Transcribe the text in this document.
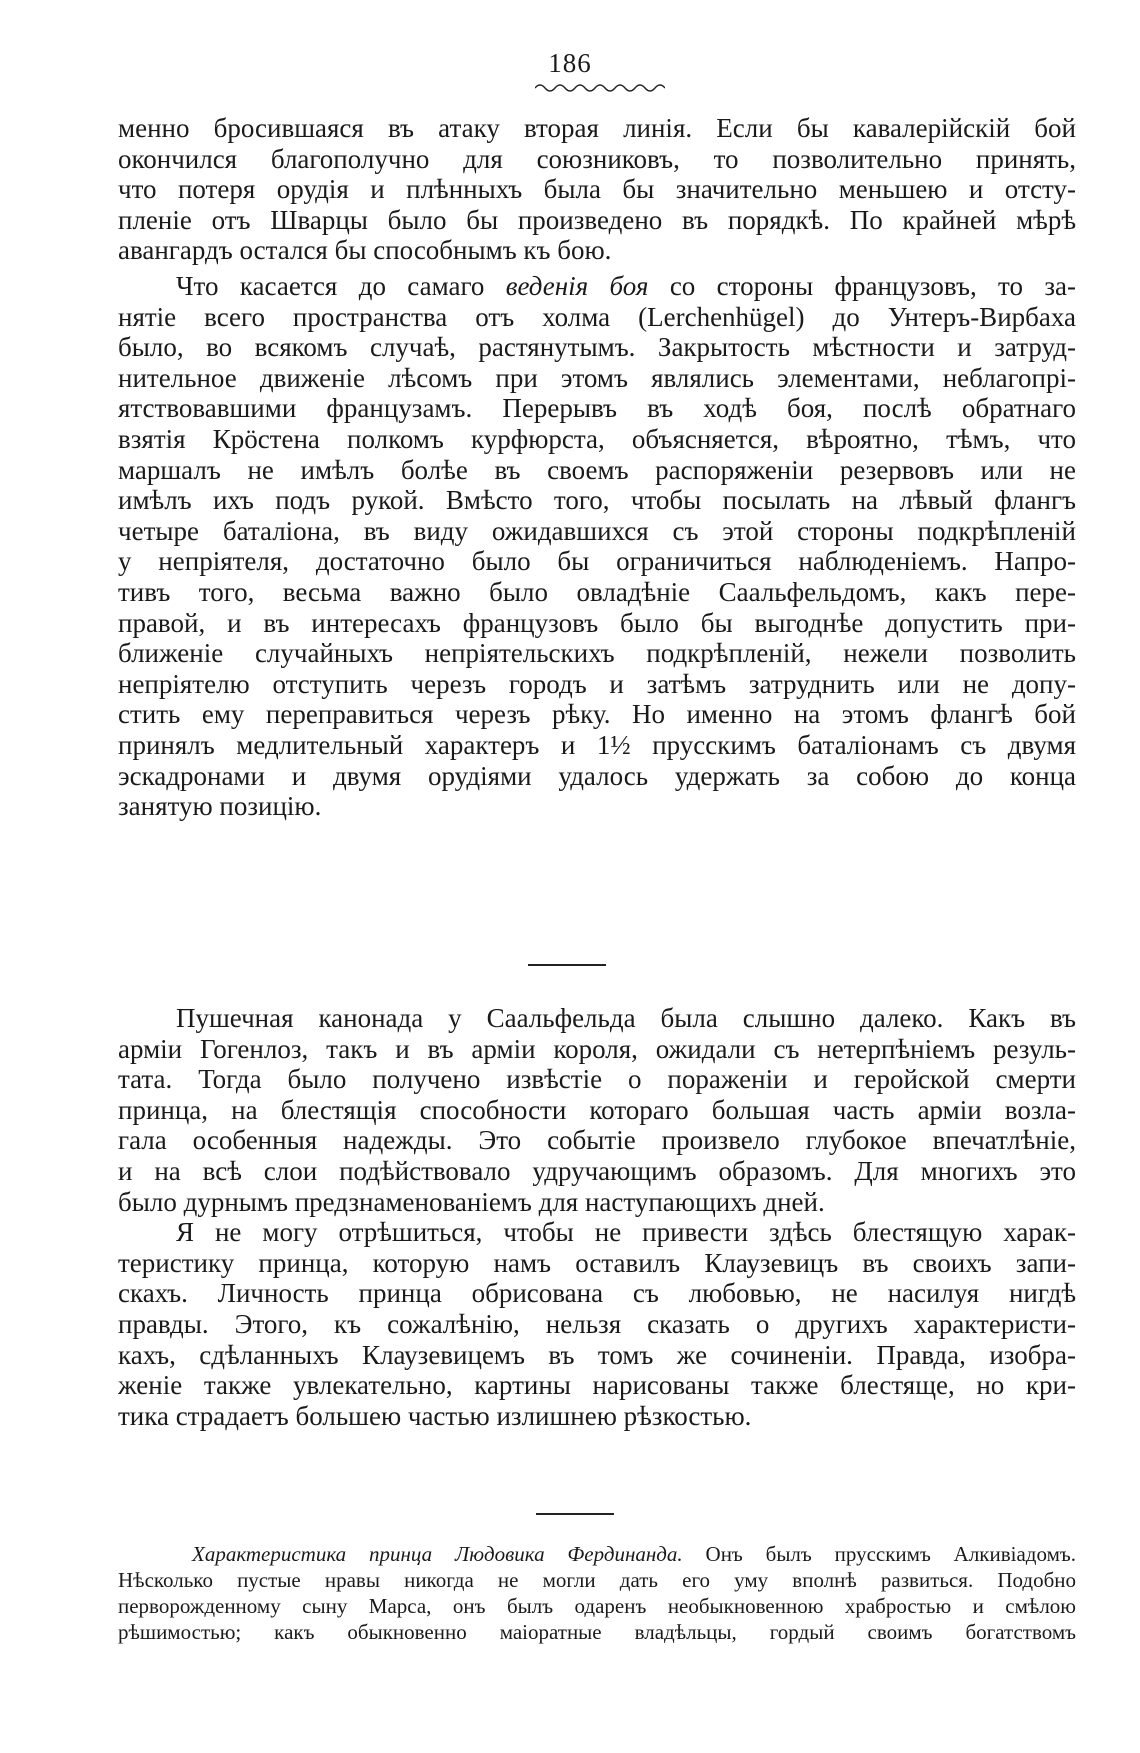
186
менно бросившаяся въ атаку вторая линія. Если бы кавалерійскій бой
окончился благополучно для союзниковъ, то позволительно принять,
что потеря орудія и плѣнныхъ была бы значительно меньшею и отсту-
пленіе отъ Шварцы было бы произведено въ порядкѣ. По крайней мѣрѣ
авангардъ остался бы способнымъ къ бою.
Что касается до самаго веденія боя со стороны французовъ, то за-
нятіе всего пространства отъ холма (Lerchenhügel) до Унтеръ-Вирбаха
было, во всякомъ случаѣ, растянутымъ. Закрытость мѣстности и затруд-
нительное движеніе лѣсомъ при этомъ являлись элементами, неблагопрі-
ятствовавшими французамъ. Перерывъ въ ходѣ боя, послѣ обратнаго
взятія Крöстена полкомъ курфюрста, объясняется, вѣроятно, тѣмъ, что
маршалъ не имѣлъ болѣе въ своемъ распоряженіи резервовъ или не
имѣлъ ихъ подъ рукой. Вмѣсто того, чтобы посылать на лѣвый флангъ
четыре баталіона, въ виду ожидавшихся съ этой стороны подкрѣпленій
у непріятеля, достаточно было бы ограничиться наблюденіемъ. Напро-
тивъ того, весьма важно было овладѣніе Саальфельдомъ, какъ пере-
правой, и въ интересахъ французовъ было бы выгоднѣе допустить при-
ближеніе случайныхъ непріятельскихъ подкрѣпленій, нежели позволить
непріятелю отступить черезъ городъ и затѣмъ затруднить или не допу-
стить ему переправиться черезъ рѣку. Но именно на этомъ флангѣ бой
принялъ медлительный характеръ и 1½ прусскимъ баталіонамъ съ двумя
эскадронами и двумя орудіями удалось удержать за собою до конца
занятую позицію.
Пушечная канонада у Саальфельда была слышно далеко. Какъ въ
арміи Гогенлоз, такъ и въ арміи короля, ожидали съ нетерпѣніемъ резуль-
тата. Тогда было получено извѣстіе о пораженіи и геройской смерти
принца, на блестящія способности котораго большая часть арміи возла-
гала особенныя надежды. Это событіе произвело глубокое впечатлѣніе,
и на всѣ слои подѣйствовало удручающимъ образомъ. Для многихъ это
было дурнымъ предзнаменованіемъ для наступающихъ дней.
Я не могу отрѣшиться, чтобы не привести здѣсь блестящую харак-
теристику принца, которую намъ оставилъ Клаузевицъ въ своихъ запи-
скахъ. Личность принца обрисована съ любовью, не насилуя нигдѣ
правды. Этого, къ сожалѣнію, нельзя сказать о другихъ характеристи-
кахъ, сдѣланныхъ Клаузевицемъ въ томъ же сочиненіи. Правда, изобра-
женіе также увлекательно, картины нарисованы также блестяще, но кри-
тика страдаетъ большею частью излишнею рѣзкостью.
Характеристика принца Людовика Фердинанда. Онъ былъ прусскимъ Алкивіадомъ.
Нѣсколько пустые нравы никогда не могли дать его уму вполнѣ развиться. Подобно
перворожденному сыну Марса, онъ былъ одаренъ необыкновенною храбростью и смѣлою
рѣшимостью; какъ обыкновенно маіоратные владѣльцы, гордый своимъ богатствомъ
